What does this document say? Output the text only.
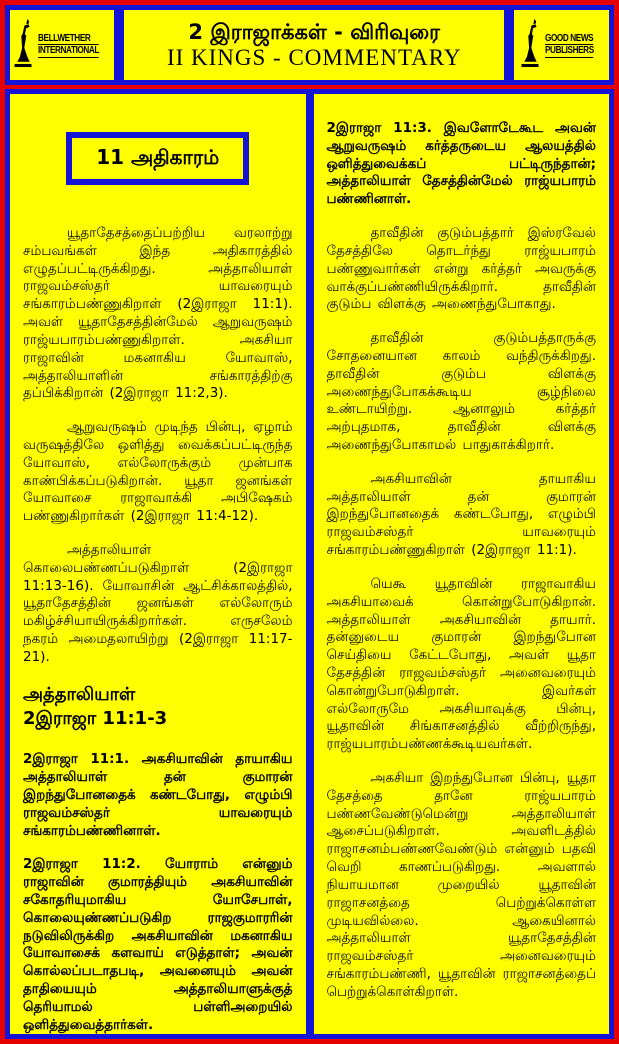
BELLWETHER
INTERNATIONAL
2 இராஜாக்கள் - விரிவுரை
II KINGS - COMMENTARY
GOOD NEWS
PUBLISHERS
11 அதிகாரம்

யூதாதேசத்தைப்பற்றிய வரலாற்று சம்பவங்கள் இந்த அதிகாரத்தில் எழுதப்பட்டிருக்கிறது. அத்தாலியாள் ராஜவம்சஸ்தர் யாவரையும் சங்காரம்பண்ணுகிறாள் (2இராஜா 11:1). அவள் யூதாதேசத்தின்மேல் ஆறுவருஷம் ராஜ்யபாரம்பண்ணுகிறாள். அகசியா ராஜாவின் மகனாகிய யோவாஸ், அத்தாலியாளின் சங்காரத்திற்கு தப்பிக்கிறான் (2இராஜா 11:2,3).

ஆறுவருஷம் முடிந்த பின்பு, ஏழாம் வருஷத்திலே ஒளித்து வைக்கப்பட்டிருந்த யோவாஸ், எல்லோருக்கும் முன்பாக காண்பிக்கப்படுகிறான். யூதா ஜனங்கள் யோவாசை ராஜாவாக்கி அபிஷேகம் பண்ணுகிறார்கள் (2இராஜா 11:4-12).

அத்தாலியாள் கொலைபண்ணப்படுகிறாள் (2இராஜா 11:13-16). யோவாசின் ஆட்சிக்காலத்தில், யூதாதேசத்தின் ஜனங்கள் எல்லோரும் மகிழ்ச்சியாயிருக்கிறார்கள். எருசலேம் நகரம் அமைதலாயிற்று (2இராஜா 11:17-21).

அத்தாலியாள்
2இராஜா 11:1-3

2இராஜா 11:1. அகசியாவின் தாயாகிய அத்தாலியாள் தன் குமாரன் இறந்துபோனதைக் கண்டபோது, எழும்பி ராஜவம்சஸ்தர் யாவரையும் சங்காரம்பண்ணினாள்.

2இராஜா 11:2. யோராம் என்னும் ராஜாவின் குமாரத்தியும் அகசியாவின் சகோதரியுமாகிய யோசேபாள், கொலையுண்ணப்படுகிற ராஜகுமாரரின் நடுவிலிருக்கிற அகசியாவின் மகனாகிய யோவாசைக் களவாய் எடுத்தாள்; அவன் கொல்லப்படாதபடி, அவனையும் அவன் தாதியையும் அத்தாலியாளுக்குத் தெரியாமல் பள்ளிஅறையில் ஒளித்துவைத்தார்கள்.

2இராஜா 11:3. இவளோடேகூட அவன் ஆறுவருஷம் கர்த்தருடைய ஆலயத்தில் ஒளித்துவைக்கப் பட்டிருந்தான்; அத்தாலியாள் தேசத்தின்மேல் ராஜ்யபாரம் பண்ணினாள்.

தாவீதின் குடும்பத்தார் இஸ்ரவேல் தேசத்திலே தொடர்ந்து ராஜ்யபாரம் பண்ணுவார்கள் என்று கர்த்தர் அவருக்கு வாக்குப்பண்ணியிருக்கிறார். தாவீதின் குடும்ப விளக்கு அணைந்துபோகாது.

தாவீதின் குடும்பத்தாருக்கு சோதனையான காலம் வந்திருக்கிறது. தாவீதின் குடும்ப விளக்கு அணைந்துபோகக்கூடிய சூழ்நிலை உண்டாயிற்று. ஆனாலும் கர்த்தர் அற்புதமாக, தாவீதின் விளக்கு அணைந்துபோகாமல் பாதுகாக்கிறார்.

அகசியாவின் தாயாகிய அத்தாலியாள் தன் குமாரன் இறந்துபோனதைக் கண்டபோது, எழும்பி ராஜவம்சஸ்தர் யாவரையும் சங்காரம்பண்ணுகிறாள் (2இராஜா 11:1).

யெகூ யூதாவின் ராஜாவாகிய அகசியாவைக் கொன்றுபோடுகிறான். அத்தாலியாள் அகசியாவின் தாயார். தன்னுடைய குமாரன் இறந்துபோன செய்தியை கேட்டபோது, அவள் யூதா தேசத்தின் ராஜவம்சஸ்தர் அனைவரையும் கொன்றுபோடுகிறாள். இவர்கள் எல்லோருமே அகசியாவுக்கு பின்பு, யூதாவின் சிங்காசனத்தில் வீற்றிருந்து, ராஜ்யபாரம்பண்ணக்கூடியவர்கள்.

அகசியா இறந்துபோன பின்பு, யூதா தேசத்தை தானே ராஜ்யபாரம் பண்ணவேண்டுமென்று அத்தாலியாள் ஆசைப்படுகிறாள். அவளிடத்தில் ராஜாசனம்பண்ணவேண்டும் என்னும் பதவி வெறி காணப்படுகிறது. அவளால் நியாயமான முறையில் யூதாவின் ராஜாசனத்தை பெற்றுக்கொள்ள முடியவில்லை. ஆகையினால் அத்தாலியாள் யூதாதேசத்தின் ராஜவம்சஸ்தர் அனைவரையும் சங்காரம்பண்ணி, யூதாவின் ராஜாசனத்தைப் பெற்றுக்கொள்கிறாள்.
